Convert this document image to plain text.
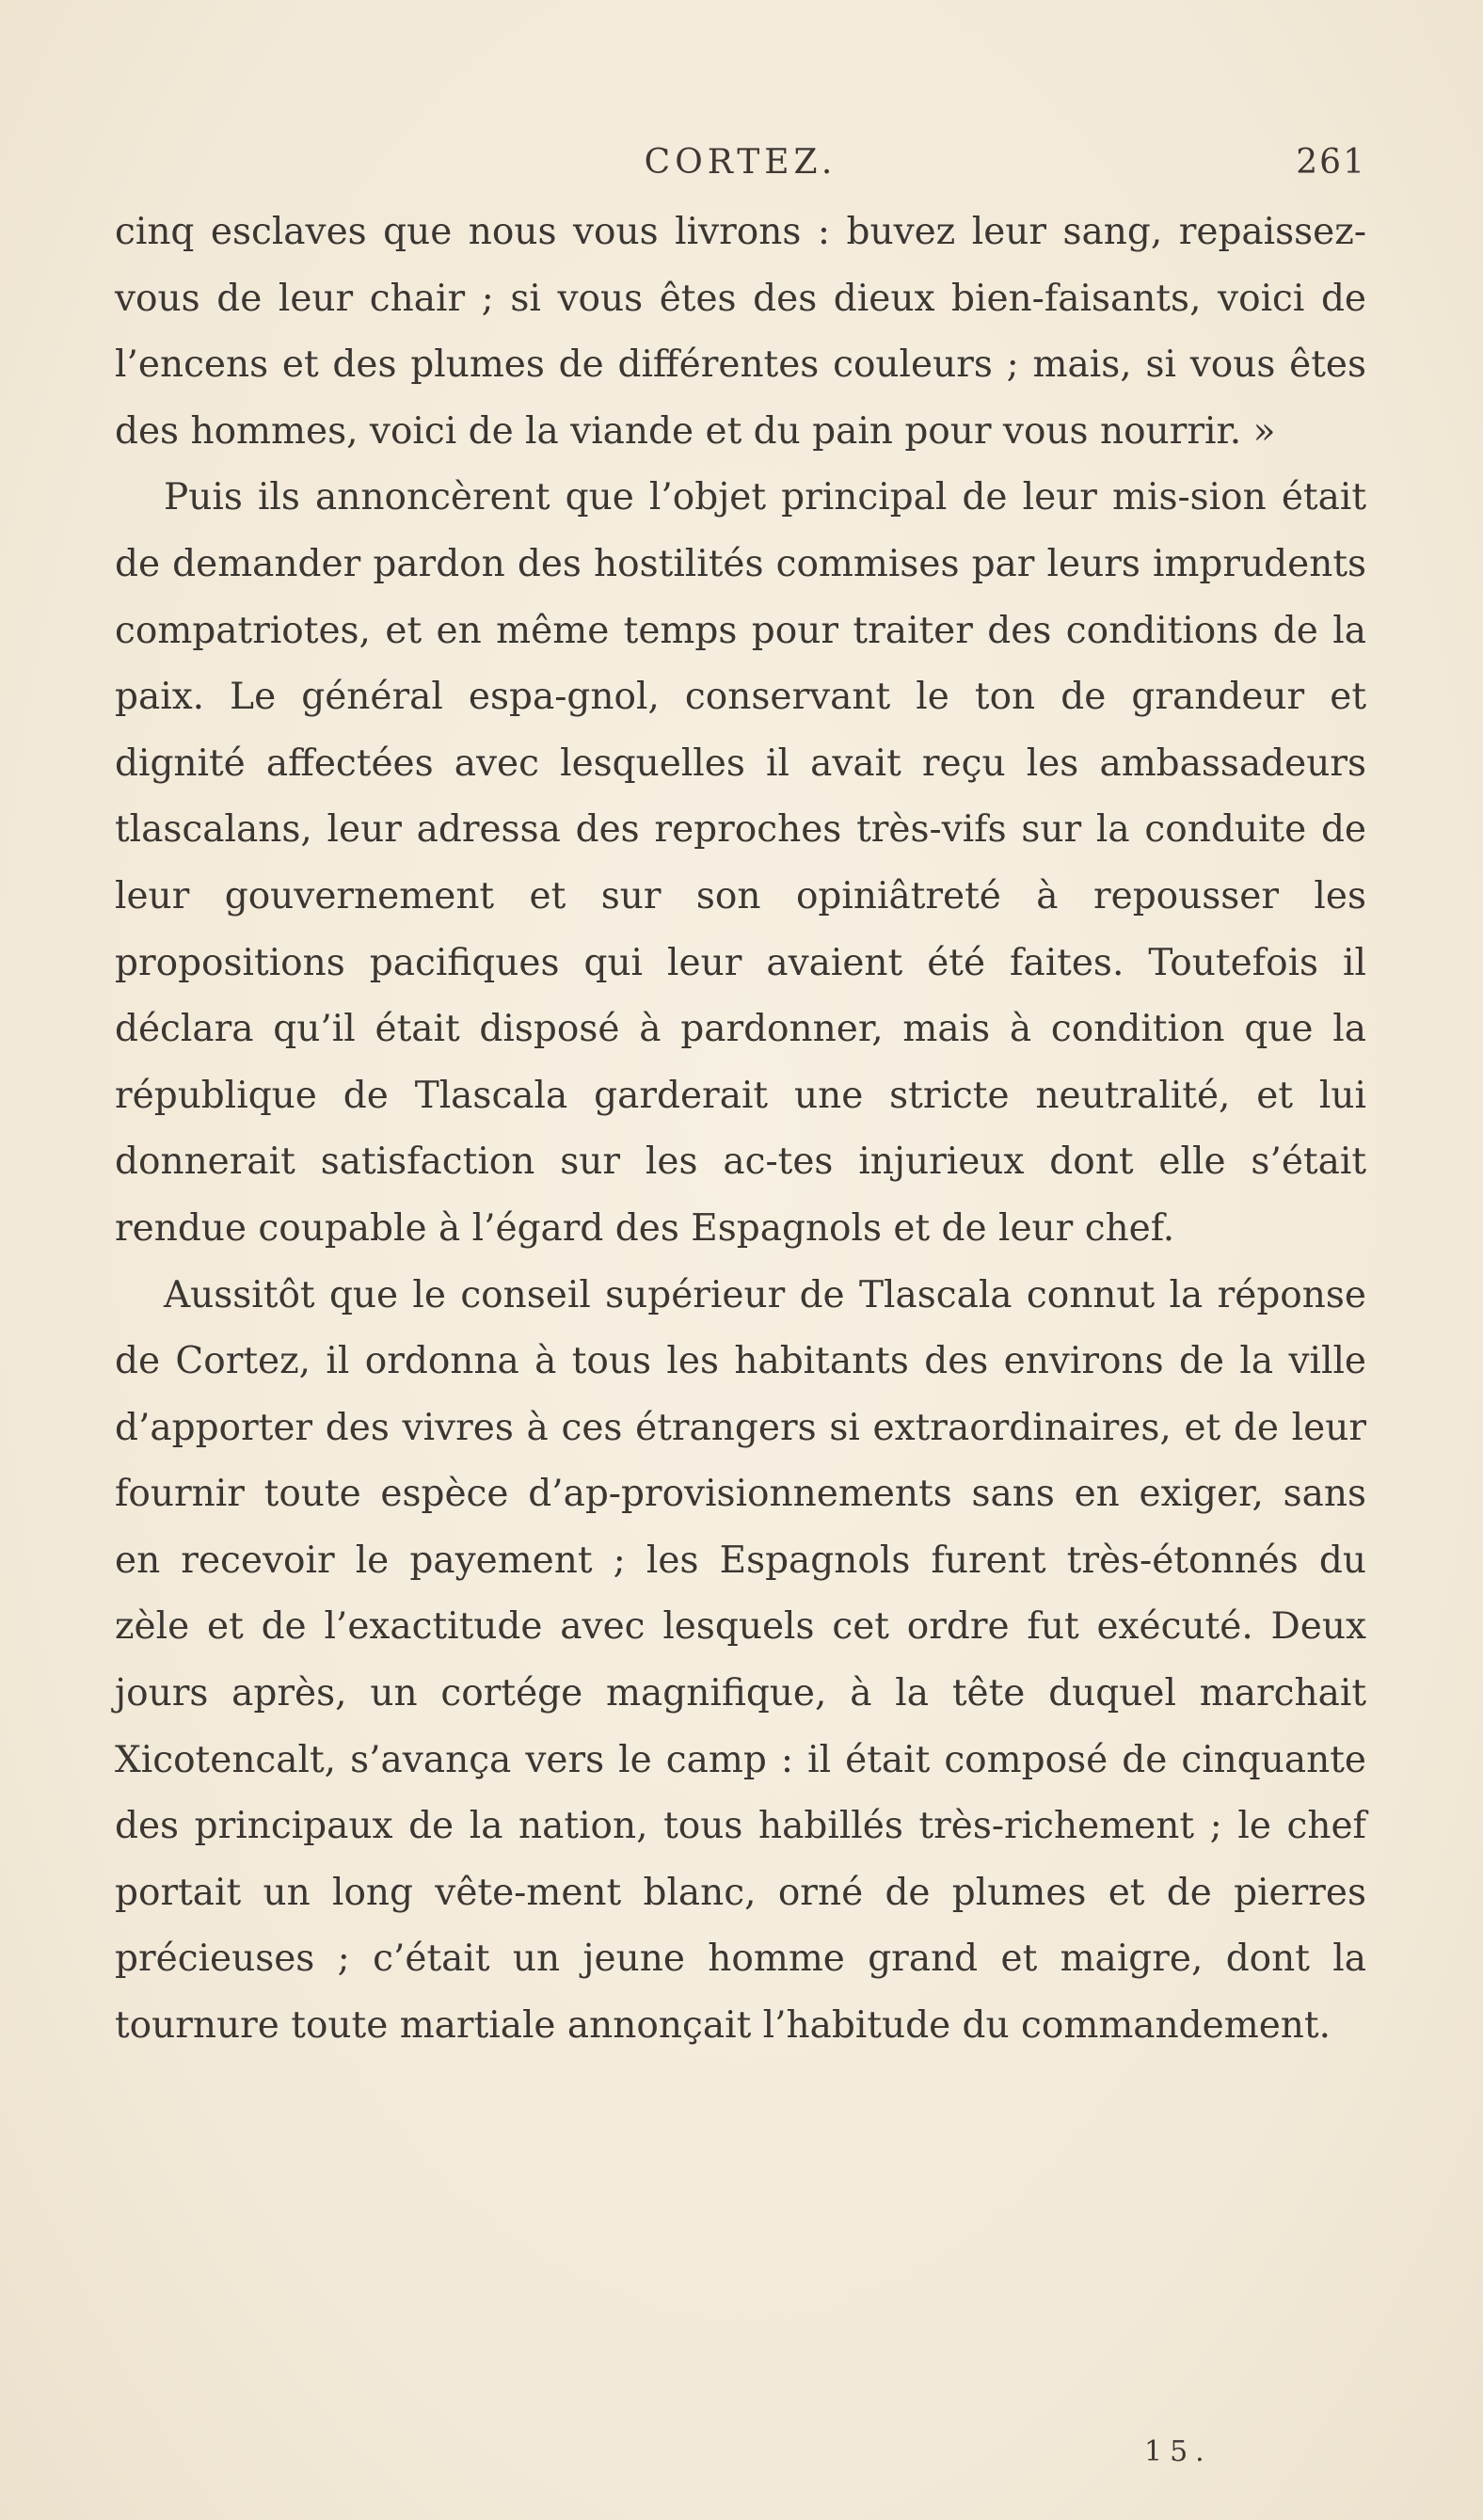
CORTEZ.	261

cinq esclaves que nous vous livrons : buvez leur sang, repaissez-vous de leur chair ; si vous êtes des dieux bien-faisants, voici de l’encens et des plumes de différentes couleurs ; mais, si vous êtes des hommes, voici de la viande et du pain pour vous nourrir. »

Puis ils annoncèrent que l’objet principal de leur mis-sion était de demander pardon des hostilités commises par leurs imprudents compatriotes, et en même temps pour traiter des conditions de la paix. Le général espa-gnol, conservant le ton de grandeur et dignité affectées avec lesquelles il avait reçu les ambassadeurs tlascalans, leur adressa des reproches très-vifs sur la conduite de leur gouvernement et sur son opiniâtreté à repousser les propositions pacifiques qui leur avaient été faites. Toutefois il déclara qu’il était disposé à pardonner, mais à condition que la république de Tlascala garderait une stricte neutralité, et lui donnerait satisfaction sur les ac-tes injurieux dont elle s’était rendue coupable à l’égard des Espagnols et de leur chef.

Aussitôt que le conseil supérieur de Tlascala connut la réponse de Cortez, il ordonna à tous les habitants des environs de la ville d’apporter des vivres à ces étrangers si extraordinaires, et de leur fournir toute espèce d’ap-provisionnements sans en exiger, sans en recevoir le payement ; les Espagnols furent très-étonnés du zèle et de l’exactitude avec lesquels cet ordre fut exécuté. Deux jours après, un cortége magnifique, à la tête duquel marchait Xicotencalt, s’avança vers le camp : il était composé de cinquante des principaux de la nation, tous habillés très-richement ; le chef portait un long vête-ment blanc, orné de plumes et de pierres précieuses ; c’était un jeune homme grand et maigre, dont la tournure toute martiale annonçait l’habitude du commandement.

15.
